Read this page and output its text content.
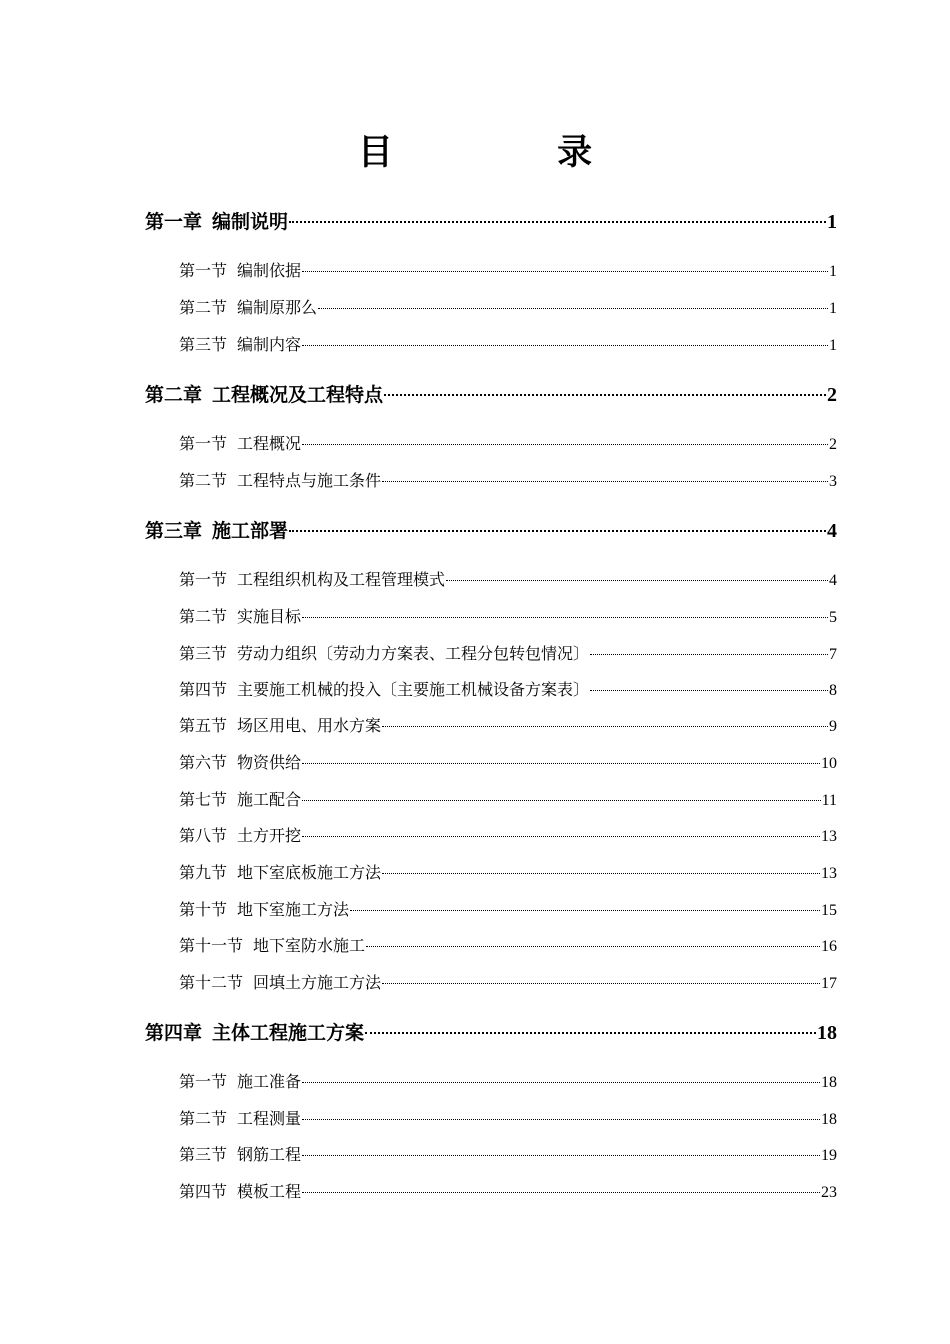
目 录
第一章 编制说明	1
第一节 编制依据	1
第二节 编制原那么	1
第三节 编制内容	1
第二章 工程概况及工程特点	2
第一节 工程概况	2
第二节 工程特点与施工条件	3
第三章 施工部署	4
第一节 工程组织机构及工程管理模式	4
第二节 实施目标	5
第三节 劳动力组织〔劳动力方案表、工程分包转包情况〕	7
第四节 主要施工机械的投入〔主要施工机械设备方案表〕	8
第五节 场区用电、用水方案	9
第六节 物资供给	10
第七节 施工配合	11
第八节 土方开挖	13
第九节 地下室底板施工方法	13
第十节 地下室施工方法	15
第十一节 地下室防水施工	16
第十二节 回填土方施工方法	17
第四章 主体工程施工方案	18
第一节 施工准备	18
第二节 工程测量	18
第三节 钢筋工程	19
第四节 模板工程	23
